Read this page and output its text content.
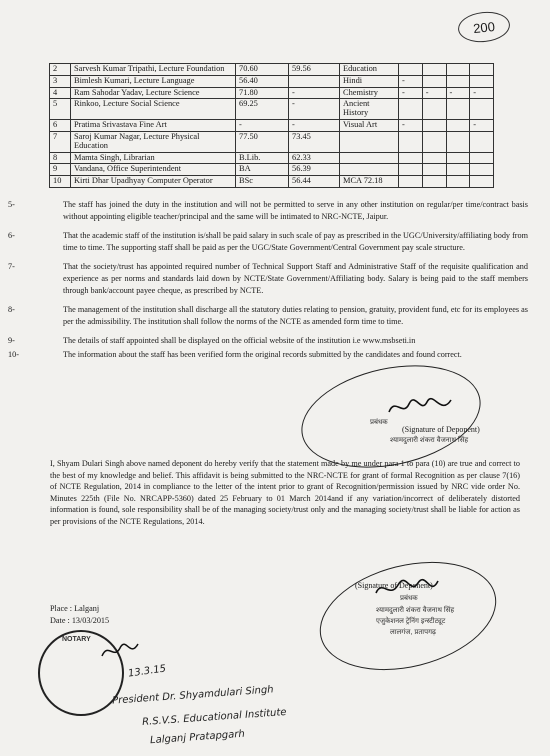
200
2	Sarvesh Kumar Tripathi, Lecture Foundation	70.60	59.56	Education				
3	Bimlesh Kumari, Lecture Language	56.40		Hindi	-			
4	Ram Sahodar Yadav, Lecture Science	71.80	-	Chemistry	-	-	-	-
5	Rinkoo, Lecture Social Science	69.25	-	Ancient History				
6	Pratima Srivastava Fine Art	-	-	Visual Art	-			-
7	Saroj Kumar Nagar, Lecture Physical Education	77.50	73.45					
8	Mamta Singh, Librarian	B.Lib.	62.33					
9	Vandana, Office Superintendent	BA	56.39					
10	Kirti Dhar Upadhyay Computer Operator	BSc	56.44	MCA 72.18				
5-	The staff has joined the duty in the institution and will not be permitted to serve in any other institution on regular/per time/contract basis without appointing eligible teacher/principal and the same will be intimated to NRC-NCTE, Jaipur.
6-	That the academic staff of the institution is/shall be paid salary in such scale of pay as prescribed in the UGC/University/affiliating body from time to time. The supporting staff shall be paid as per the UGC/State Government/Central Government pay scale structure.
7-	That the society/trust has appointed required number of Technical Support Staff and Administrative Staff of the requisite qualification and experience as per norms and standards laid down by NCTE/State Government/Affiliating body. Salary is being paid to the staff members through bank/account payee cheque, as prescribed by NCTE.
8-	The management of the institution shall discharge all the statutory duties relating to pension, gratuity, provident fund, etc for its employees as per the admissibility. The institution shall follow the norms of the NCTE as amended form time to time.
9-	The details of staff appointed shall be displayed on the official website of the institution i.e www.msbseti.in
10-	The information about the staff has been verified form the original records submitted by the candidates and found correct.
(Signature of Deponent)
प्रबंधक
श्यामदुलारी शंकरा वैजनाथ सिंह
I, Shyam Dulari Singh above named deponent do hereby verify that the statement made by me under para 1 to para (10) are true and correct to the best of my knowledge and belief. This affidavit is being submitted to the NRC-NCTE for grant of formal Recognition as per clause 7(16) of NCTE Regulation, 2014 in compliance to the letter of the intent prior to grant of Recognition/permission issued by NRC vide order No. Minutes 225th (File No. NRCAPP-5360) dated 25 February to 01 March 2014and if any variation/incorrect of deliberately distorted information is found, sole responsibility shall be of the managing society/trust only and the managing society/trust shall be liable for action as per provisions of the NCTE Regulations, 2014.
(Signature of Deponent)
प्रबंधक
श्यामदुलारी शंकरा वैजनाथ सिंह
एजुकेशनल ट्रेनिंग इन्स्टीट्यूट
लालगंज, प्रतापगढ़
Place : Lalganj
Date : 13/03/2015
NOTARY
13.3.15
President Dr. Shyamdulari Singh
R.S.V.S. Educational Institute
Lalganj Pratapgarh
